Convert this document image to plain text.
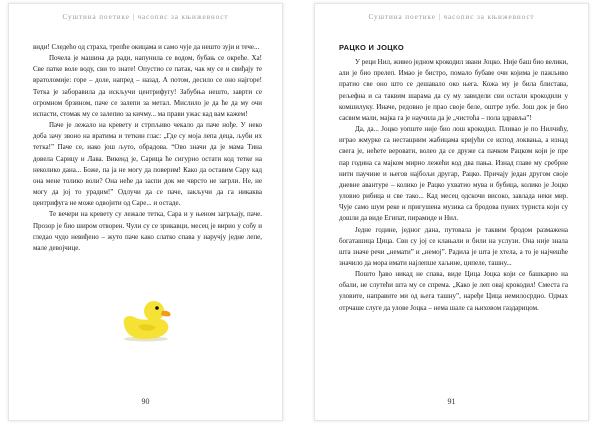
Суштина поетике | часопис за књижевност

види! Следећо од страха, трепће окицама и само чује да нешто зуји и тече...

Почела је машина да ради, напунила се водом, бубањ се окреће. Ха! Све патке воле воду, сви то знате! Опустио се патак, чак му се и свиђају те вратоломије: горе – доле, напред – назад. А потом, десило се оно најгоре! Тетка је заборавила да искључи центрифугу! Забубња нешто, заврти се огромном брзином, паче се залепи за метал. Мислило је да ће да му очи испасти, стомак му се залепио за кичму... ма прави ужас кад вам кажем!

Паче је лежало на кревету и стрпљиво чекало да паче нође. У неко доба зачу звоно на вратима и теткин глас: „Где су моја лепа деца, љуби их тетка!” Паче се, иако још љуто, обрадова. “Ово значи да је мама Тина довела Сарицу и Лава. Викенд је, Сарица ће сигурно остати код тетке на неколико дана... Боже, па ја не могу да поверим! Како да оставим Сару кад она мене толико воли? Она неће да заспи док ме чврсто не загрли. Не, не могу да јој то урадим!” Одлучи да се паче, закључи да га никаква центрифуга не може одвојити од Саре... и остаде.

Те вечери на кревету су лежале тетка, Сара и у њеном загрљају, паче. Прозор је био широм отворен. Чули су се зрикавци, месец је вирио у собу и гледао чудо невиђено – жуто паче како слатко спава у наручју једне лепе, мале девојчице.

90
Суштина поетике | часопис за књижевност
РАЦКО И ЈОЦКО

У реци Нил, живео једном крокодил звани Јоцко. Није баш био велики, али је био прелеп. Имао је бистро, помало бубаве очи којима је пажљиво пратио све оно што се дешавало око њега. Кожа му је била блистава, рељефна и са таквим шарама да су му завидели сви остали крокодили у комшилуку. Иначе, редовно је прао своје беле, оштре зубе. Још док је био сасвим мали, мајка га је научила да је „чистоћа – пола здравља”!

Да, да... Јоцко уопште није био лош крокодил. Пливао је по Нилчићу, играо жмурке са нестащним жабицама кријући се испод локвања, а изнад свега је, нећете веровати, волео да се друже са пачком Рацком који је пре пар година са мајком мирно лежећи код два пања. Изнад главе му сребрне нити паучине и његов најбољи другар, Рацко. Причају један другом своје дневне авантуре – колико је Рацко ухватио мува и бубица, колико је Јоцко уловио рибица и све тако... Кад месец одскочи високо, завлада неки мир. Чује само шум реке и пригушена музика са бродова пуних туриста који су дошли да виде Египат, пирамиде и Нил.

Једне године, једног дана, путовала је таквим бродом размажена богаташица Цица. Сви су јој се клањали и били на услузи. Она није знала шта значе речи „немати” и „немој”. Радила је шта је хтела, а то је најчешће значило да мора имати најлепше хаљине, ципеле, ташну...

Пошто ђаво никад не спава, виде Цица Јоцка који се башкарио на обали, не слутећи шта му се спрема. „Како је леп овај крокодил! Сместа га уловите, направите ми од њега ташну”, наређе Цица немилосрдно. Одмах отрчаше слуге да улове Јоцка – нема шале са њиховом газдарицом.

91
